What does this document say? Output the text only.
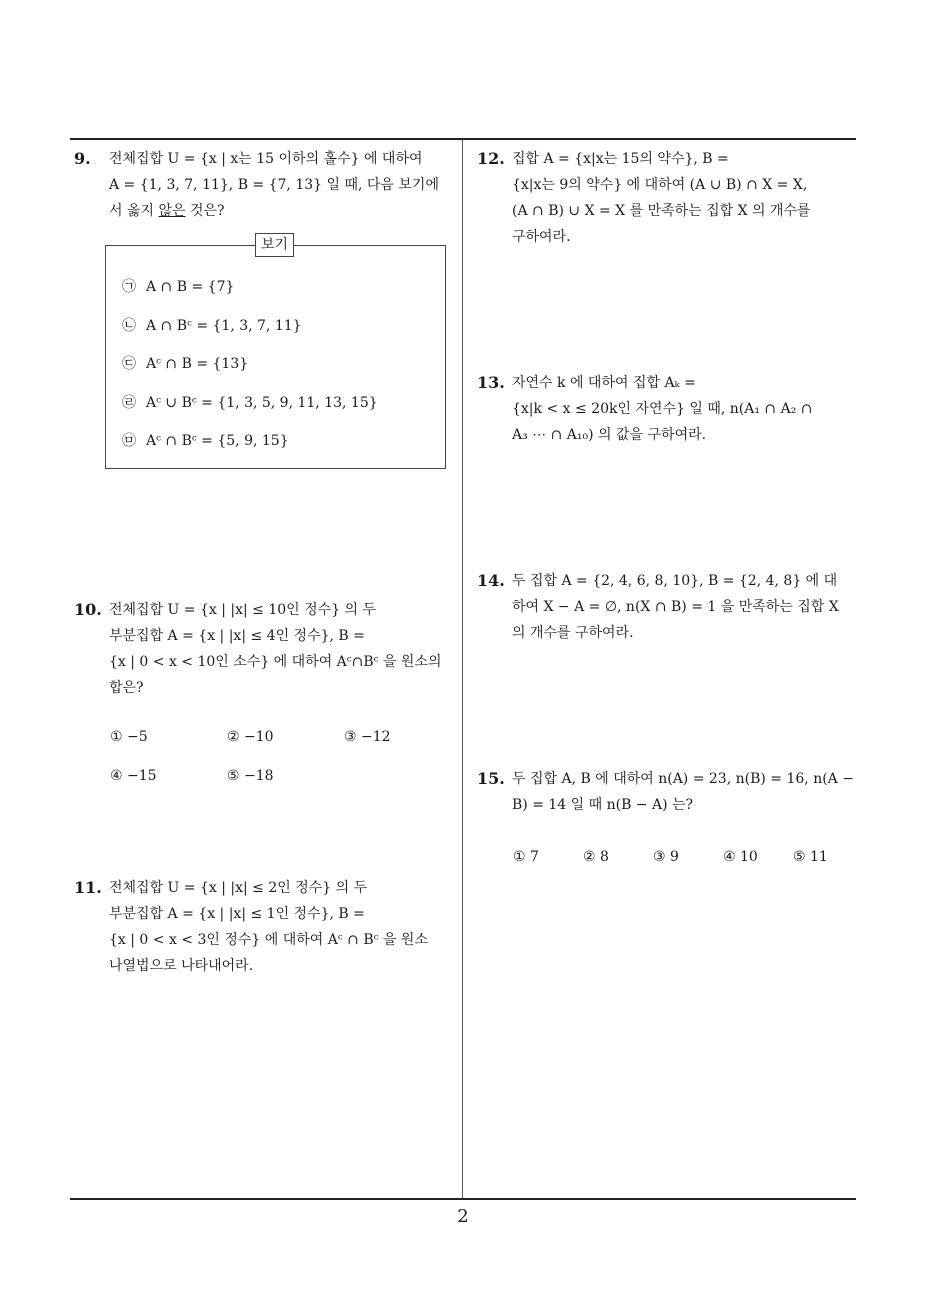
9. 전체집합 U = {x | x는 15 이하의 홀수} 에 대하여
A = {1, 3, 7, 11}, B = {7, 13} 일 때, 다음 보기에
서 옳지 않은 것은?
보기
㉠ A ∩ B = {7}
㉡ A ∩ Bᶜ = {1, 3, 7, 11}
㉢ Aᶜ ∩ B = {13}
㉣ Aᶜ ∪ Bᶜ = {1, 3, 5, 9, 11, 13, 15}
㉤ Aᶜ ∩ Bᶜ = {5, 9, 15}
10. 전체집합 U = {x | |x| ≤ 10인 정수} 의 두
부분집합 A = {x | |x| ≤ 4인 정수}, B =
{x | 0 < x < 10인 소수} 에 대하여 Aᶜ∩Bᶜ 을 원소의
합은?
① −5	② −10	③ −12
④ −15	⑤ −18
11. 전체집합 U = {x | |x| ≤ 2인 정수} 의 두
부분집합 A = {x | |x| ≤ 1인 정수}, B =
{x | 0 < x < 3인 정수} 에 대하여 Aᶜ ∩ Bᶜ 을 원소
나열법으로 나타내어라.
12. 집합 A = {x|x는 15의 약수}, B =
{x|x는 9의 약수} 에 대하여 (A ∪ B) ∩ X = X,
(A ∩ B) ∪ X = X 를 만족하는 집합 X 의 개수를
구하여라.
13. 자연수 k 에 대하여 집합 Aₖ =
{x|k < x ≤ 20k인 자연수} 일 때, n(A₁ ∩ A₂ ∩
A₃ ⋯ ∩ A₁₀) 의 값을 구하여라.
14. 두 집합 A = {2, 4, 6, 8, 10}, B = {2, 4, 8} 에 대
하여 X − A = ∅, n(X ∩ B) = 1 을 만족하는 집합 X
의 개수를 구하여라.
15. 두 집합 A, B 에 대하여 n(A) = 23, n(B) = 16, n(A −
B) = 14 일 때 n(B − A) 는?
① 7	② 8	③ 9	④ 10	⑤ 11
2
